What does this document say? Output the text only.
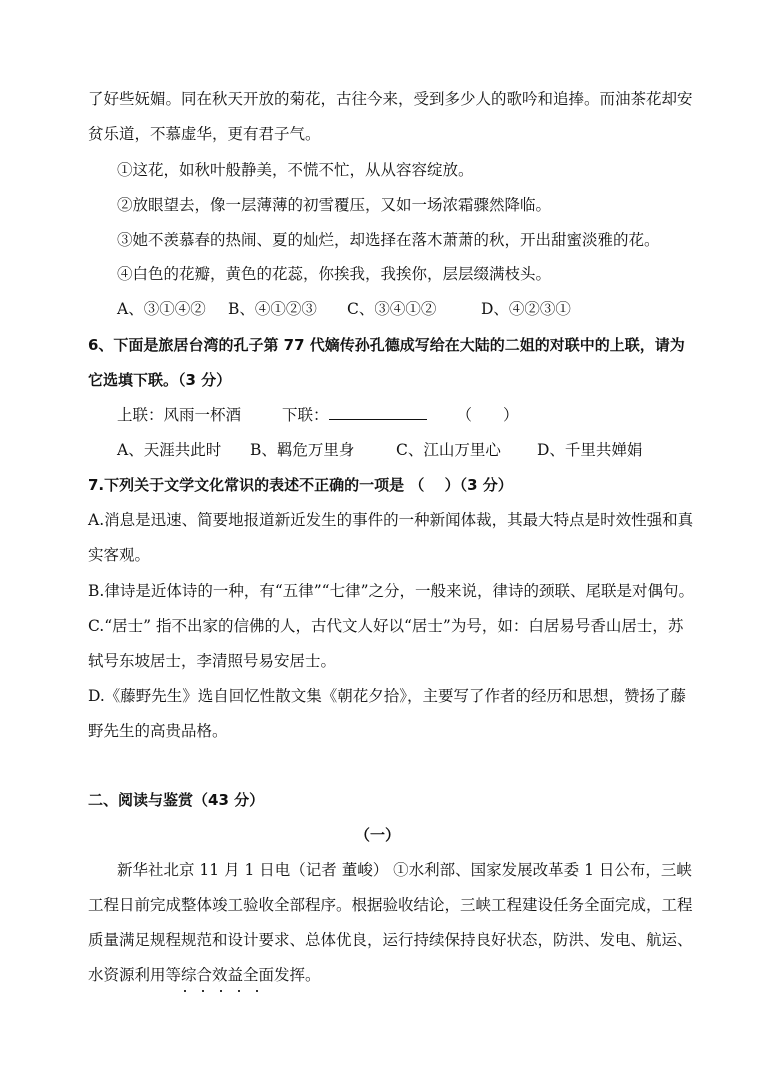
了好些妩媚。同在秋天开放的菊花，古往今来，受到多少人的歌吟和追捧。而油茶花却安
贫乐道，不慕虚华，更有君子气。
①这花，如秋叶般静美，不慌不忙，从从容容绽放。
②放眼望去，像一层薄薄的初雪覆压，又如一场浓霜骤然降临。
③她不羡慕春的热闹、夏的灿烂，却选择在落木萧萧的秋，开出甜蜜淡雅的花。
④白色的花瓣，黄色的花蕊，你挨我，我挨你，层层缀满枝头。
A、③①④② B、④①②③ C、③④①②	D、④②③①
6、下面是旅居台湾的孔子第 77 代嫡传孙孔德成写给在大陆的二姐的对联中的上联，请为
它选填下联。（3 分）
上联：风雨一杯酒	下联：	（　　）
A、天涯共此时 B、羁危万里身	C、江山万里心 D、千里共婵娟
7.下列关于文学文化常识的表述不正确的一项是 （　 ）（3 分）
A.消息是迅速、简要地报道新近发生的事件的一种新闻体裁，其最大特点是时效性强和真
实客观。
B.律诗是近体诗的一种，有“五律”“七律”之分，一般来说，律诗的颈联、尾联是对偶句。
C.“居士” 指不出家的信佛的人，古代文人好以“居士”为号，如：白居易号香山居士，苏
轼号东坡居士，李清照号易安居士。
D.《藤野先生》选自回忆性散文集《朝花夕拾》，主要写了作者的经历和思想，赞扬了藤
野先生的高贵品格。
二、阅读与鉴赏（43 分）
（一）
新华社北京 11 月 1 日电（记者 董峻） ①水利部、国家发展改革委 1 日公布，三峡
工程日前完成整体竣工验收全部程序。根据验收结论，三峡工程建设任务全面完成，工程
质量满足规程规范和设计要求、总体优良，运行持续保持良好状态，防洪、发电、航运、
水资源利用等综合效益全面发挥。
